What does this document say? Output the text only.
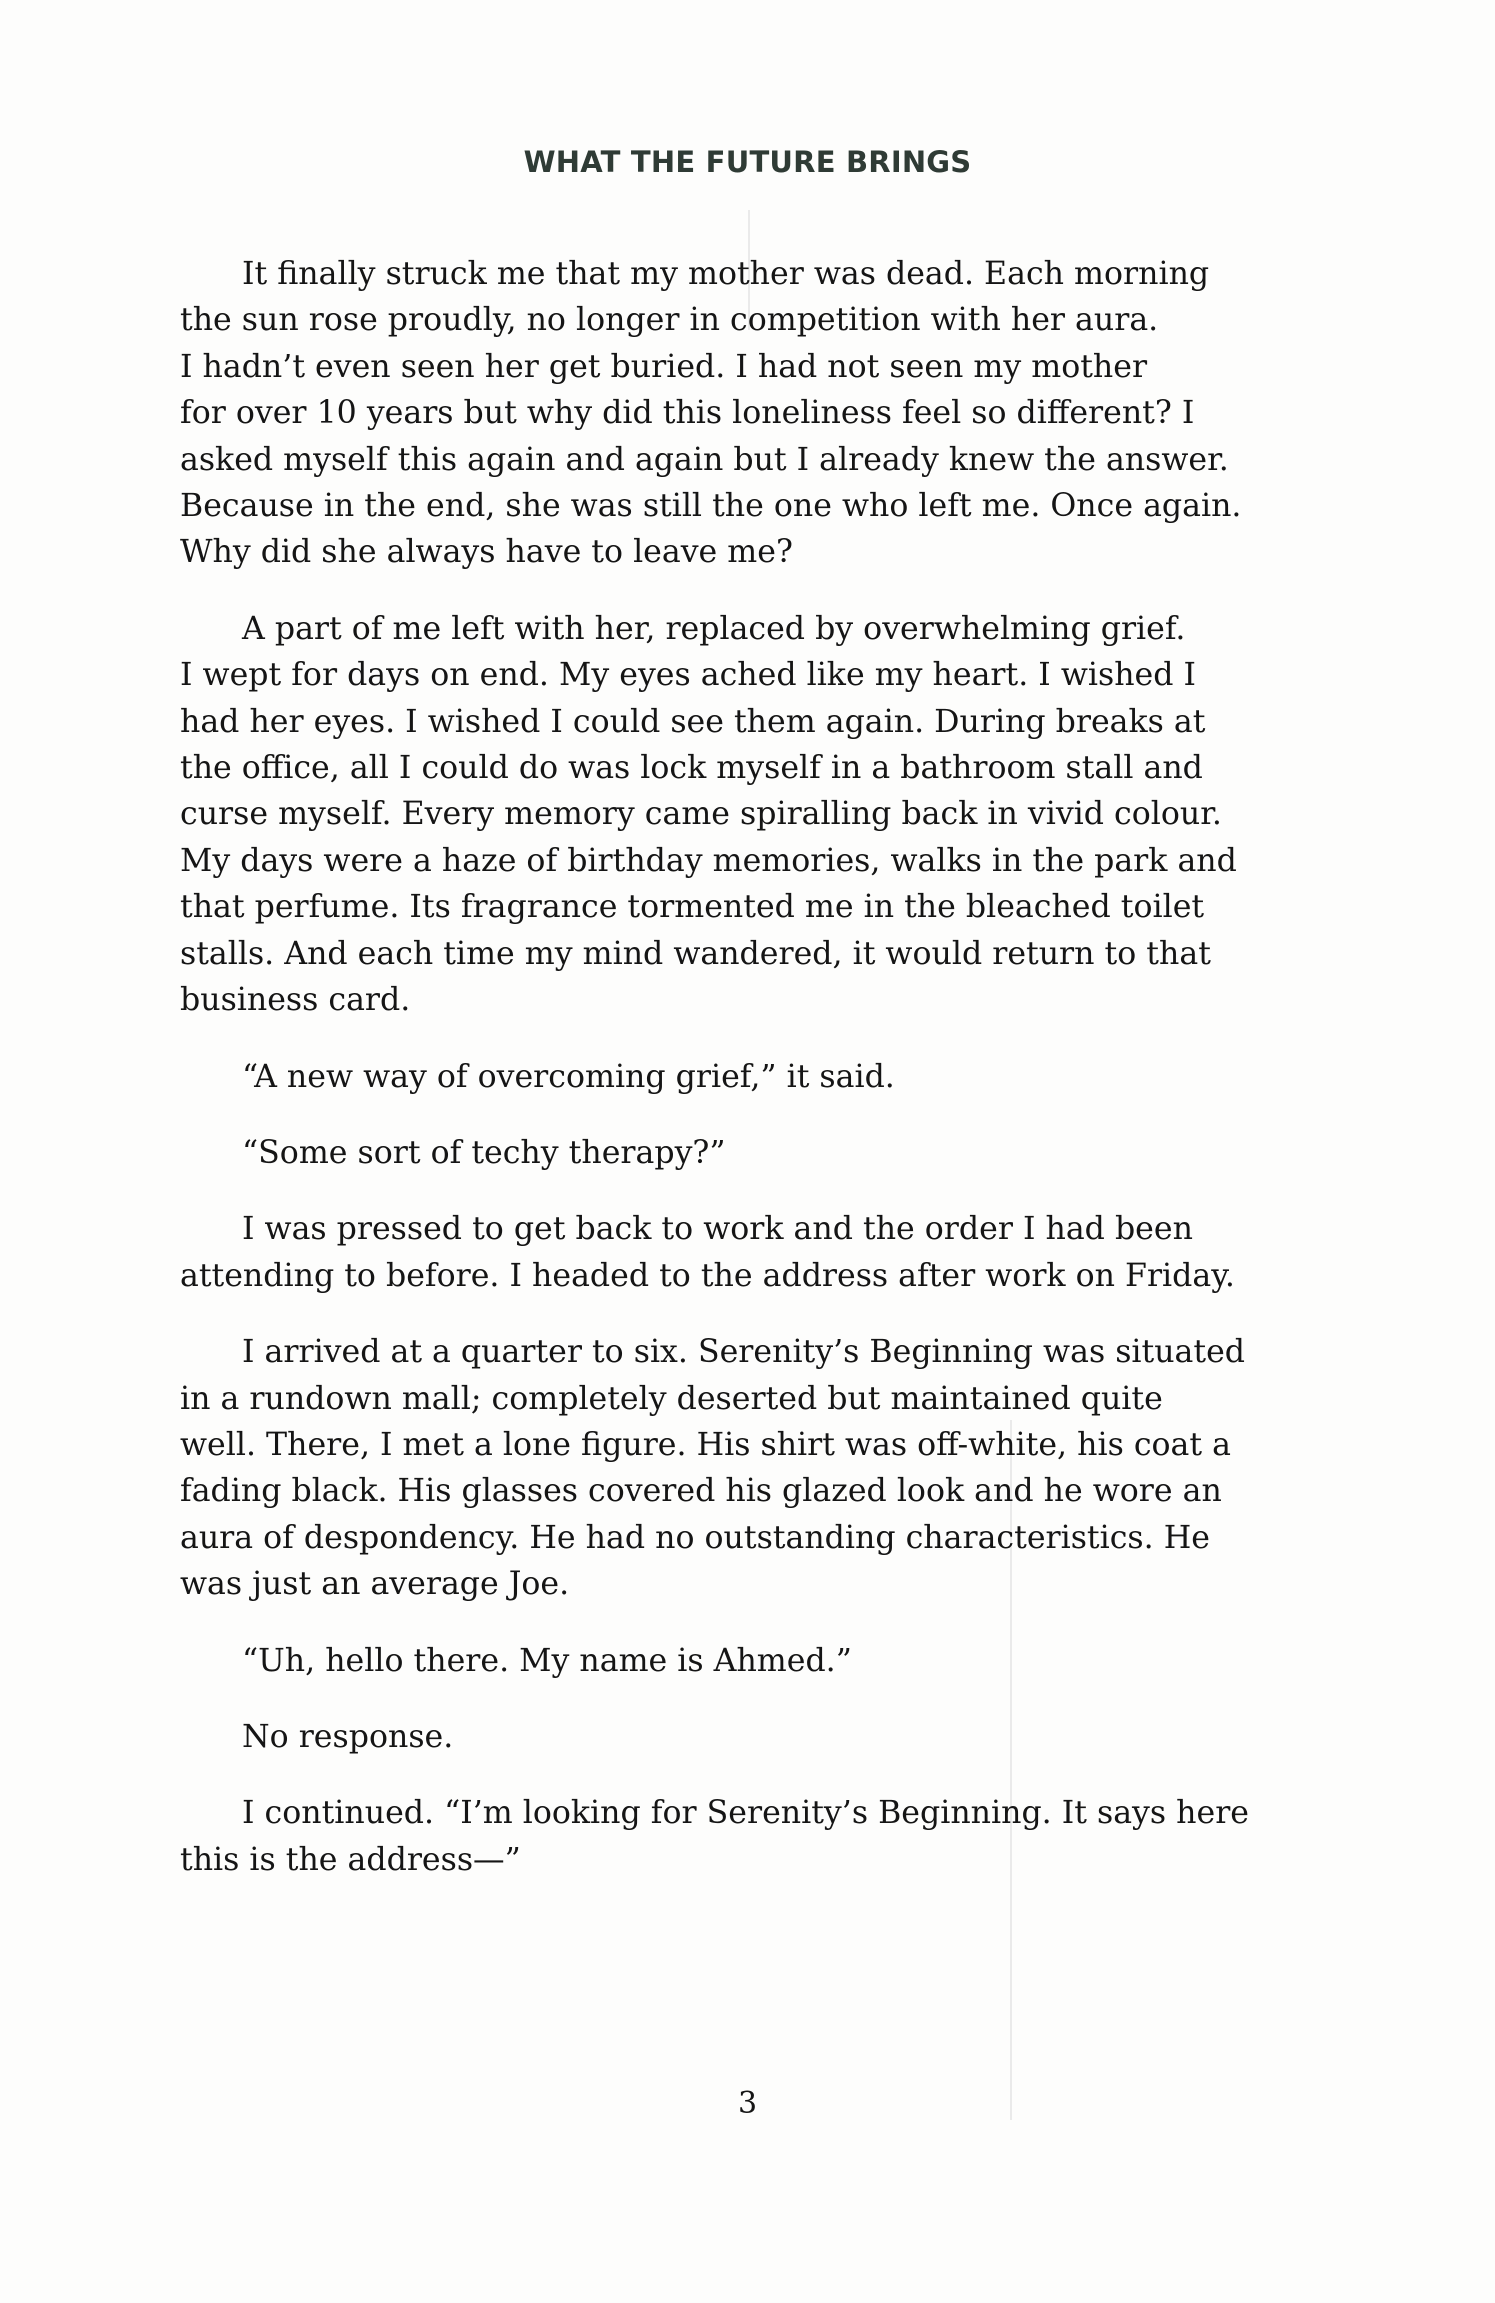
WHAT THE FUTURE BRINGS

It finally struck me that my mother was dead. Each morning
the sun rose proudly, no longer in competition with her aura.
I hadn’t even seen her get buried. I had not seen my mother
for over 10 years but why did this loneliness feel so different? I
asked myself this again and again but I already knew the answer.
Because in the end, she was still the one who left me. Once again.
Why did she always have to leave me?

A part of me left with her, replaced by overwhelming grief.
I wept for days on end. My eyes ached like my heart. I wished I
had her eyes. I wished I could see them again. During breaks at
the office, all I could do was lock myself in a bathroom stall and
curse myself. Every memory came spiralling back in vivid colour.
My days were a haze of birthday memories, walks in the park and
that perfume. Its fragrance tormented me in the bleached toilet
stalls. And each time my mind wandered, it would return to that
business card.

“A new way of overcoming grief,” it said.

“Some sort of techy therapy?”

I was pressed to get back to work and the order I had been
attending to before. I headed to the address after work on Friday.

I arrived at a quarter to six. Serenity’s Beginning was situated
in a rundown mall; completely deserted but maintained quite
well. There, I met a lone figure. His shirt was off-white, his coat a
fading black. His glasses covered his glazed look and he wore an
aura of despondency. He had no outstanding characteristics. He
was just an average Joe.

“Uh, hello there. My name is Ahmed.”

No response.

I continued. “I’m looking for Serenity’s Beginning. It says here
this is the address—”

3
